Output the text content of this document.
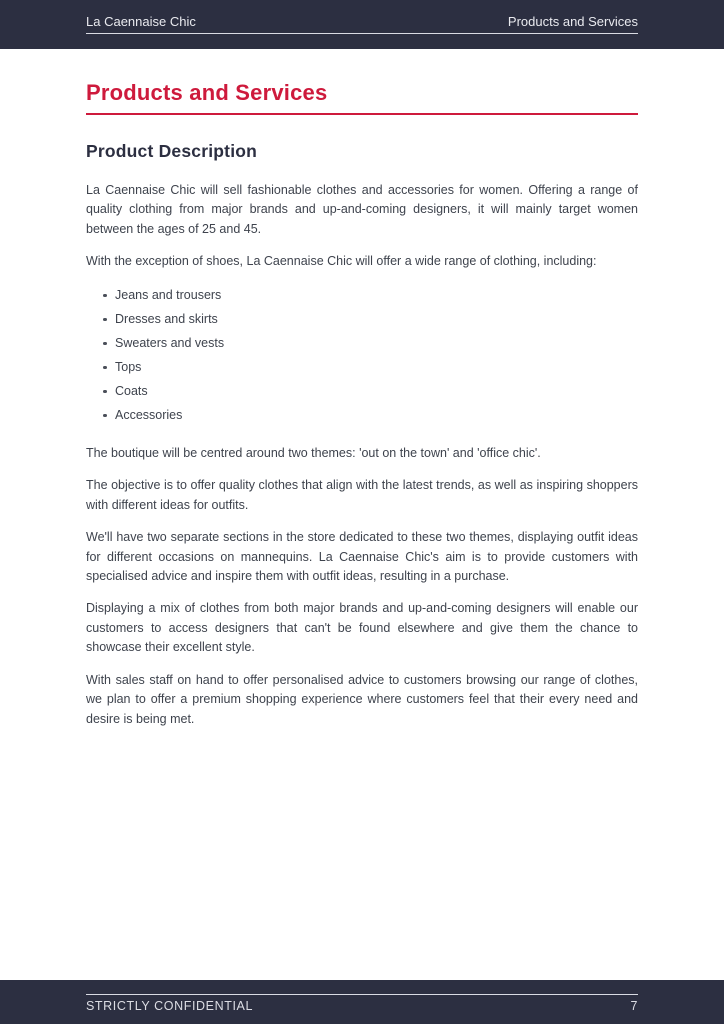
La Caennaise Chic	Products and Services
Products and Services
Product Description

La Caennaise Chic will sell fashionable clothes and accessories for women. Offering a range of quality clothing from major brands and up-and-coming designers, it will mainly target women between the ages of 25 and 45.

With the exception of shoes, La Caennaise Chic will offer a wide range of clothing, including:

Jeans and trousers
Dresses and skirts
Sweaters and vests
Tops
Coats
Accessories

The boutique will be centred around two themes: 'out on the town' and 'office chic'.

The objective is to offer quality clothes that align with the latest trends, as well as inspiring shoppers with different ideas for outfits.

We'll have two separate sections in the store dedicated to these two themes, displaying outfit ideas for different occasions on mannequins. La Caennaise Chic's aim is to provide customers with specialised advice and inspire them with outfit ideas, resulting in a purchase.

Displaying a mix of clothes from both major brands and up-and-coming designers will enable our customers to access designers that can't be found elsewhere and give them the chance to showcase their excellent style.

With sales staff on hand to offer personalised advice to customers browsing our range of clothes, we plan to offer a premium shopping experience where customers feel that their every need and desire is being met.

STRICTLY CONFIDENTIAL	7
